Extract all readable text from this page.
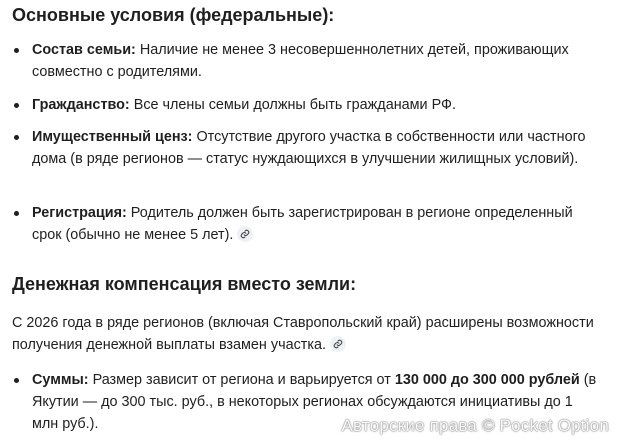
Основные условия (федеральные):
Состав семьи: Наличие не менее 3 несовершеннолетних детей, проживающих совместно с родителями.
Гражданство: Все члены семьи должны быть гражданами РФ.
Имущественный ценз: Отсутствие другого участка в собственности или частного дома (в ряде регионов — статус нуждающихся в улучшении жилищных условий).
Регистрация: Родитель должен быть зарегистрирован в регионе определенный срок (обычно не менее 5 лет).
Денежная компенсация вместо земли:

С 2026 года в ряде регионов (включая Ставропольский край) расширены возможности получения денежной выплаты взамен участка.

Суммы: Размер зависит от региона и варьируется от 130 000 до 300 000 рублей (в Якутии — до 300 тыс. руб., в некоторых регионах обсуждаются инициативы до 1 млн руб.).	Авторские права © Pocket Option
